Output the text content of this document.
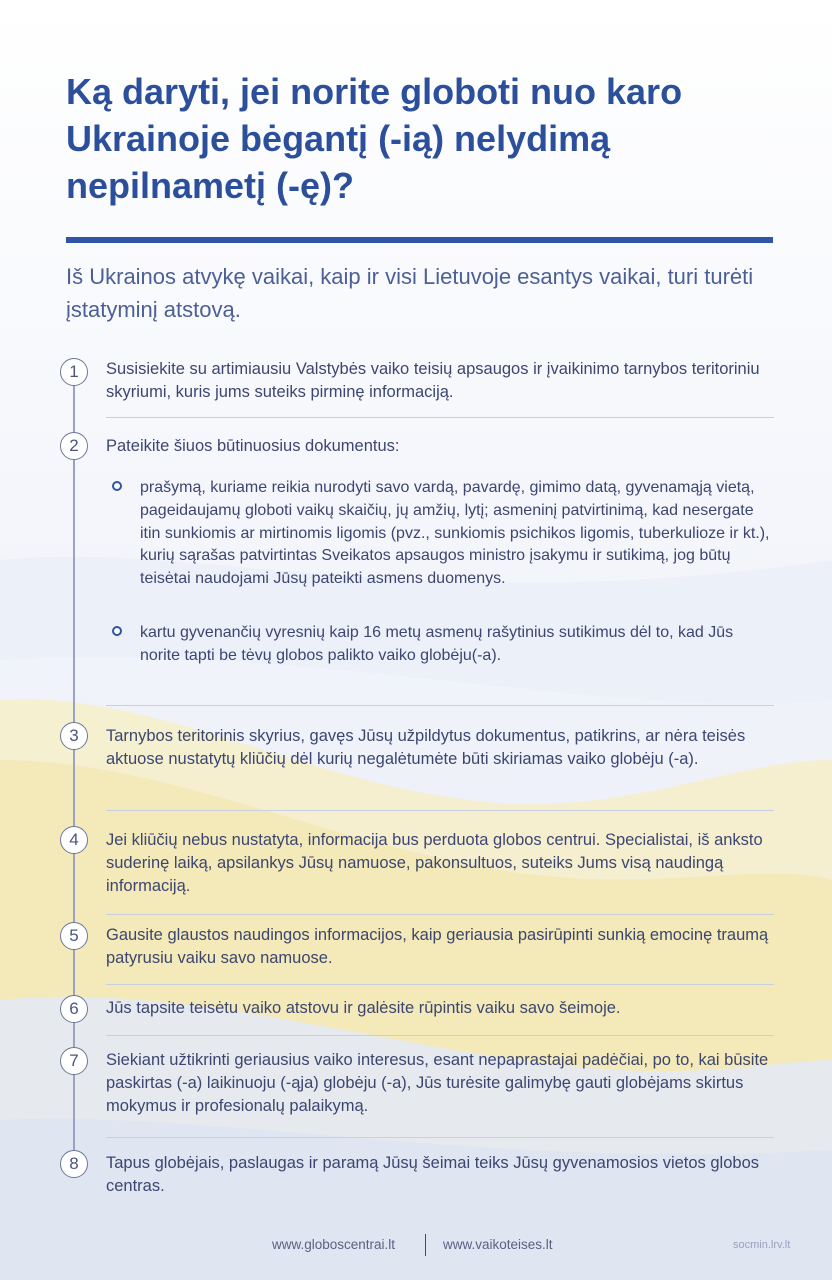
Ką daryti, jei norite globoti nuo karo Ukrainoje bėgantį (-ią) nelydimą nepilnametį (-ę)?

Iš Ukrainos atvykę vaikai, kaip ir visi Lietuvoje esantys vaikai, turi turėti įstatyminį atstovą.

1	Susisiekite su artimiausiu Valstybės vaiko teisių apsaugos ir įvaikinimo tarnybos teritoriniu skyriumi, kuris jums suteiks pirminę informaciją.

2	Pateikite šiuos būtinuosius dokumentus:

prašymą, kuriame reikia nurodyti savo vardą, pavardę, gimimo datą, gyvenamąją vietą, pageidaujamų globoti vaikų skaičių, jų amžių, lytį; asmeninį patvirtinimą, kad nesergate itin sunkiomis ar mirtinomis ligomis (pvz., sunkiomis psichikos ligomis, tuberkulioze ir kt.), kurių sąrašas patvirtintas Sveikatos apsaugos ministro įsakymu ir sutikimą, jog būtų teisėtai naudojami Jūsų pateikti asmens duomenys.

kartu gyvenančių vyresnių kaip 16 metų asmenų rašytinius sutikimus dėl to, kad Jūs norite tapti be tėvų globos palikto vaiko globėju(-a).

3	Tarnybos teritorinis skyrius, gavęs Jūsų užpildytus dokumentus, patikrins, ar nėra teisės aktuose nustatytų kliūčių dėl kurių negalėtumėte būti skiriamas vaiko globėju (-a).

4	Jei kliūčių nebus nustatyta, informacija bus perduota globos centrui. Specialistai, iš anksto suderinę laiką, apsilankys Jūsų namuose, pakonsultuos, suteiks Jums visą naudingą informaciją.

5	Gausite glaustos naudingos informacijos, kaip geriausia pasirūpinti sunkią emocinę traumą patyrusiu vaiku savo namuose.

6	Jūs tapsite teisėtu vaiko atstovu ir galėsite rūpintis vaiku savo šeimoje.

7	Siekiant užtikrinti geriausius vaiko interesus, esant nepaprastajai padėčiai, po to, kai būsite paskirtas (-a) laikinuoju (-ąja) globėju (-a), Jūs turėsite galimybę gauti globėjams skirtus mokymus ir profesionalų palaikymą.

8	Tapus globėjais, paslaugas ir paramą Jūsų šeimai teiks Jūsų gyvenamosios vietos globos centras.

www.globoscentrai.lt	www.vaikoteises.lt	socmin.lrv.lt
